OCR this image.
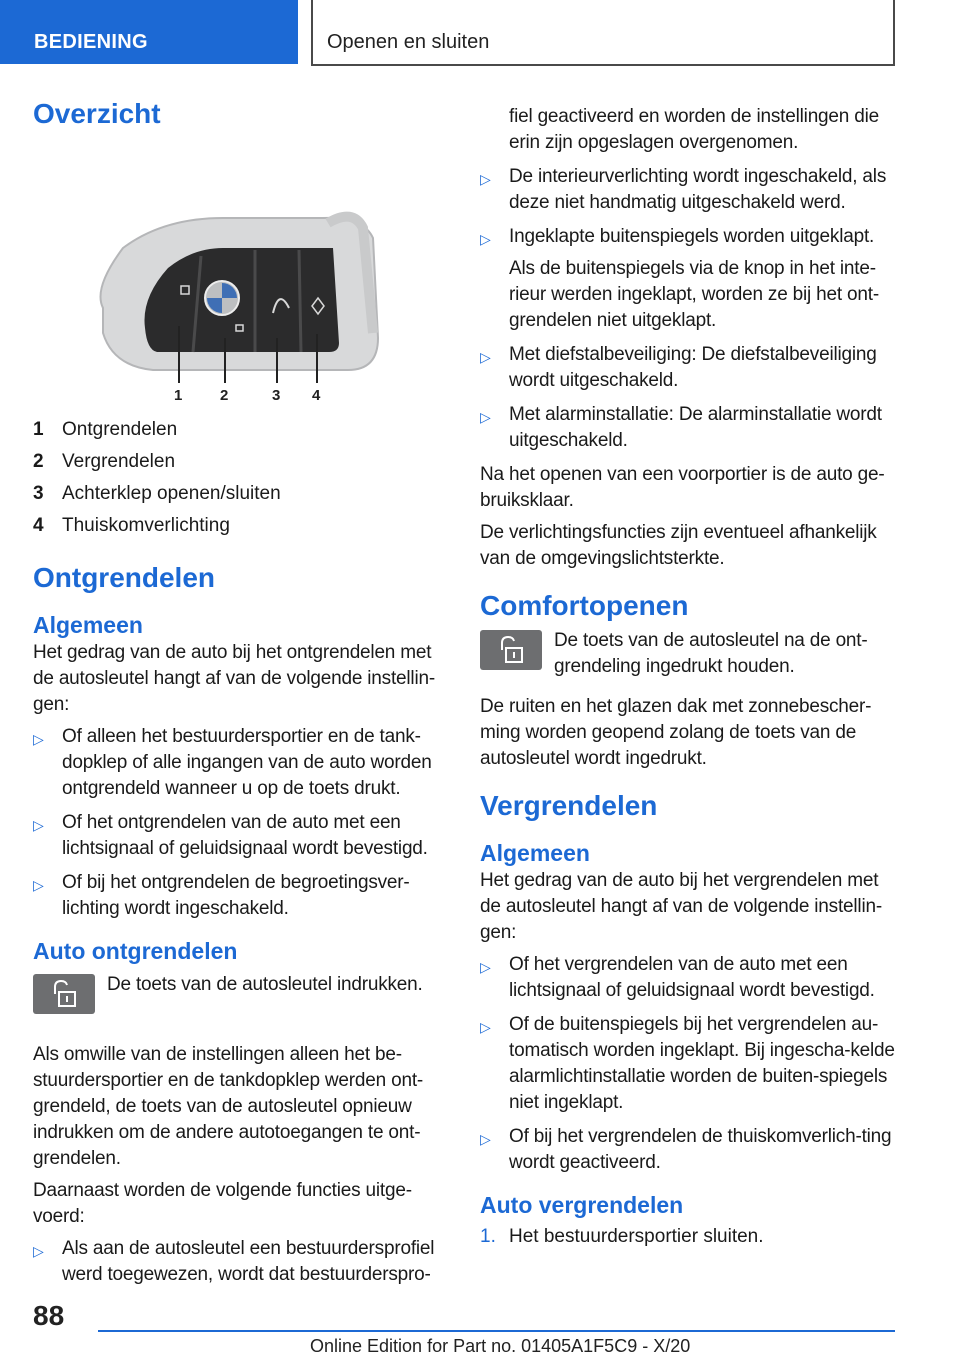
BEDIENING	Openen en sluiten
Overzicht
1	2	3 4
1 Ontgrendelen
2 Vergrendelen
3 Achterklep openen/sluiten
4 Thuiskomverlichting
Ontgrendelen
Algemeen
Het gedrag van de auto bij het ontgrendelen met de autosleutel hangt af van de volgende instellin-gen:
▷ Of alleen het bestuurdersportier en de tank-dopklep of alle ingangen van de auto worden ontgrendeld wanneer u op de toets drukt.
▷ Of het ontgrendelen van de auto met een lichtsignaal of geluidsignaal wordt bevestigd.
▷ Of bij het ontgrendelen de begroetingsver-lichting wordt ingeschakeld.
Auto ontgrendelen
De toets van de autosleutel indrukken.
Als omwille van de instellingen alleen het be-stuurdersportier en de tankdopklep werden ont-grendeld, de toets van de autosleutel opnieuw indrukken om de andere autotoegangen te ont-grendelen.
Daarnaast worden de volgende functies uitge-voerd:
▷ Als aan de autosleutel een bestuurdersprofiel werd toegewezen, wordt dat bestuurderspro-
fiel geactiveerd en worden de instellingen die erin zijn opgeslagen overgenomen.
▷ De interieurverlichting wordt ingeschakeld, als deze niet handmatig uitgeschakeld werd.
▷ Ingeklapte buitenspiegels worden uitgeklapt.
Als de buitenspiegels via de knop in het inte-rieur werden ingeklapt, worden ze bij het ont-grendelen niet uitgeklapt.
▷ Met diefstalbeveiliging: De diefstalbeveiliging wordt uitgeschakeld.
▷ Met alarminstallatie: De alarminstallatie wordt uitgeschakeld.
Na het openen van een voorportier is de auto ge-bruiksklaar.
De verlichtingsfuncties zijn eventueel afhankelijk van de omgevingslichtsterkte.
Comfortopenen
De toets van de autosleutel na de ont-grendeling ingedrukt houden.
De ruiten en het glazen dak met zonnebescher-ming worden geopend zolang de toets van de autosleutel wordt ingedrukt.
Vergrendelen
Algemeen
Het gedrag van de auto bij het vergrendelen met de autosleutel hangt af van de volgende instellin-gen:
▷ Of het vergrendelen van de auto met een lichtsignaal of geluidsignaal wordt bevestigd.
▷ Of de buitenspiegels bij het vergrendelen au-tomatisch worden ingeklapt. Bij ingescha-kelde alarmlichtinstallatie worden de buiten-spiegels niet ingeklapt.
▷ Of bij het vergrendelen de thuiskomverlich-ting wordt geactiveerd.
Auto vergrendelen
1. Het bestuurdersportier sluiten.
88
Online Edition for Part no. 01405A1F5C9 - X/20
